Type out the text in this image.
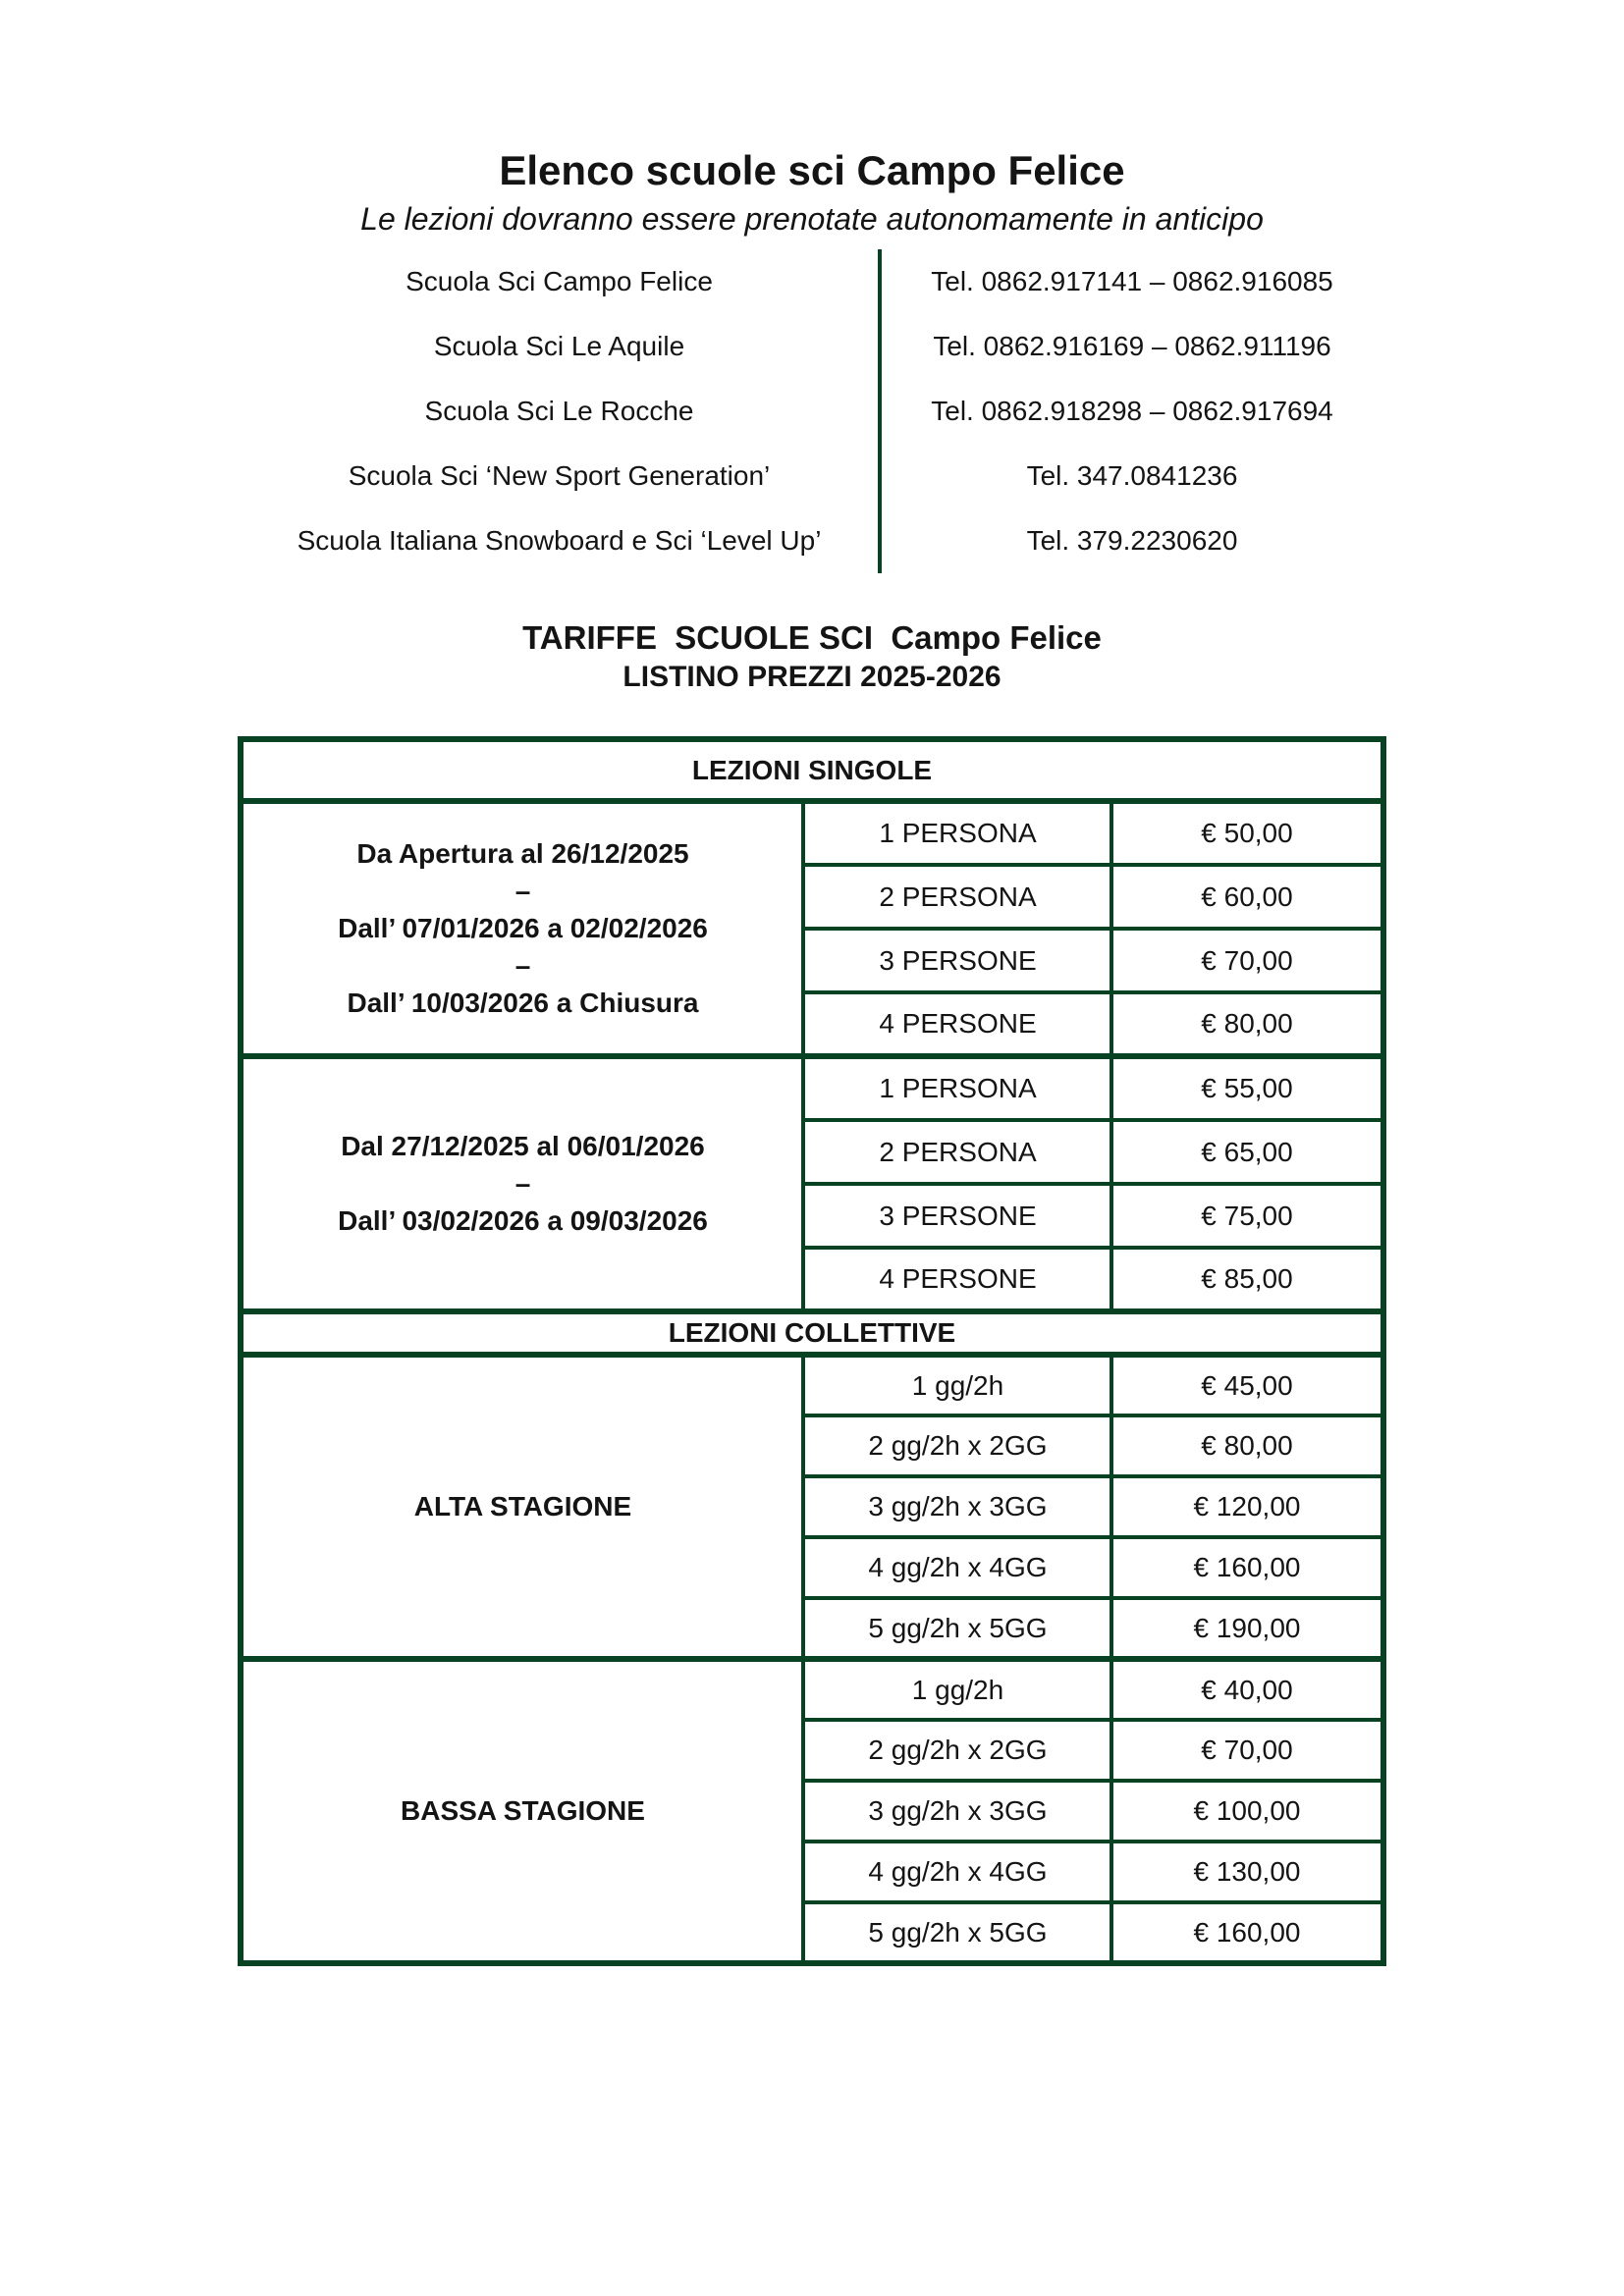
Elenco scuole sci Campo Felice
Le lezioni dovranno essere prenotate autonomamente in anticipo
Scuola Sci Campo Felice	Tel. 0862.917141 – 0862.916085
Scuola Sci Le Aquile	Tel. 0862.916169 – 0862.911196
Scuola Sci Le Rocche	Tel. 0862.918298 – 0862.917694
Scuola Sci ‘New Sport Generation’	Tel. 347.0841236
Scuola Italiana Snowboard e Sci ‘Level Up’	Tel. 379.2230620
TARIFFE  SCUOLE SCI  Campo Felice
LISTINO PREZZI 2025-2026
LEZIONI SINGOLE		

Da Apertura al 26/12/2025
–
Dall’ 07/01/2026 a 02/02/2026
–
Dall’ 10/03/2026 a Chiusura	1 PERSONA	€ 50,00
	2 PERSONA	€ 60,00
	3 PERSONE	€ 70,00
	4 PERSONE	€ 80,00

Dal 27/12/2025 al 06/01/2026
–
Dall’ 03/02/2026 a 09/03/2026	1 PERSONA	€ 55,00
	2 PERSONA	€ 65,00
	3 PERSONE	€ 75,00
	4 PERSONE	€ 85,00
LEZIONI COLLETTIVE		
ALTA STAGIONE	1 gg/2h	€ 45,00
	2 gg/2h x 2GG	€ 80,00
	3 gg/2h x 3GG	€ 120,00
	4 gg/2h x 4GG	€ 160,00
	5 gg/2h x 5GG	€ 190,00
BASSA STAGIONE	1 gg/2h	€ 40,00
	2 gg/2h x 2GG	€ 70,00
	3 gg/2h x 3GG	€ 100,00
	4 gg/2h x 4GG	€ 130,00
	5 gg/2h x 5GG	€ 160,00
